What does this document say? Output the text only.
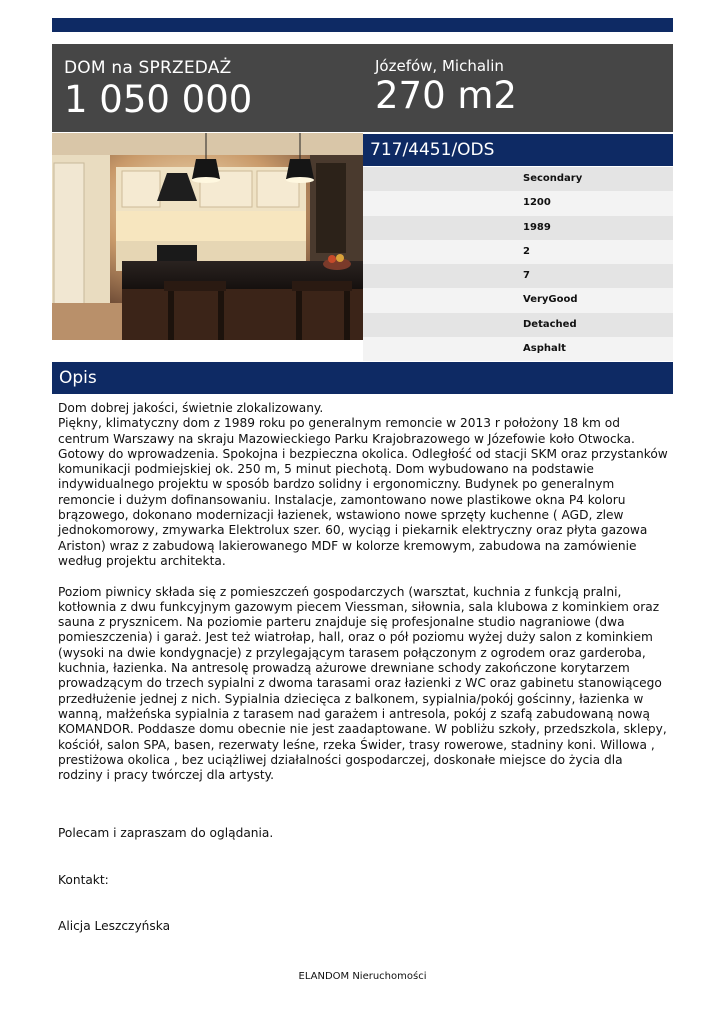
DOM na SPRZEDAŻ
1 050 000
Józefów, Michalin
270 m2
717/4451/ODS
Secondary
1200
1989
2
7
VeryGood
Detached
Asphalt
Opis

Dom dobrej jakości, świetnie zlokalizowany.
Piękny, klimatyczny dom z 1989 roku po generalnym remoncie w 2013 r położony 18 km od centrum Warszawy na skraju Mazowieckiego Parku Krajobrazowego w Józefowie koło Otwocka. Gotowy do wprowadzenia. Spokojna i bezpieczna okolica. Odległość od stacji SKM oraz przystanków komunikacji podmiejskiej ok. 250 m, 5 minut piechotą. Dom wybudowano na podstawie indywidualnego projektu w sposób bardzo solidny i ergonomiczny. Budynek po generalnym remoncie i dużym dofinansowaniu. Instalacje, zamontowano nowe plastikowe okna P4 koloru brązowego, dokonano modernizacji łazienek, wstawiono nowe sprzęty kuchenne ( AGD, zlew jednokomorowy, zmywarka Elektrolux szer. 60, wyciąg i piekarnik elektryczny oraz płyta gazowa Ariston) wraz z zabudową lakierowanego MDF w kolorze kremowym, zabudowa na zamówienie według projektu architekta.

Poziom piwnicy składa się z pomieszczeń gospodarczych (warsztat, kuchnia z funkcją pralni, kotłownia z dwu funkcyjnym gazowym piecem Viessman, siłownia, sala klubowa z kominkiem oraz sauna z prysznicem. Na poziomie parteru znajduje się profesjonalne studio nagraniowe (dwa pomieszczenia) i garaż. Jest też wiatrołap, hall, oraz o pół poziomu wyżej duży salon z kominkiem (wysoki na dwie kondygnacje) z przylegającym tarasem połączonym z ogrodem oraz garderoba, kuchnia, łazienka. Na antresolę prowadzą ażurowe drewniane schody zakończone korytarzem prowadzącym do trzech sypialni z dwoma tarasami oraz łazienki z WC oraz gabinetu stanowiącego przedłużenie jednej z nich. Sypialnia dziecięca z balkonem, sypialnia/pokój gościnny, łazienka w wanną, małżeńska sypialnia z tarasem nad garażem i antresola, pokój z szafą zabudowaną nową KOMANDOR. Poddasze domu obecnie nie jest zaadaptowane. W pobliżu szkoły, przedszkola, sklepy, kościół, salon SPA, basen, rezerwaty leśne, rzeka Świder, trasy rowerowe, stadniny koni. Willowa , prestiżowa okolica , bez uciążliwej działalności gospodarczej, doskonałe miejsce do życia dla rodziny i pracy twórczej dla artysty.

Polecam i zapraszam do oglądania.
Kontakt:
Alicja Leszczyńska
ELANDOM Nieruchomości
